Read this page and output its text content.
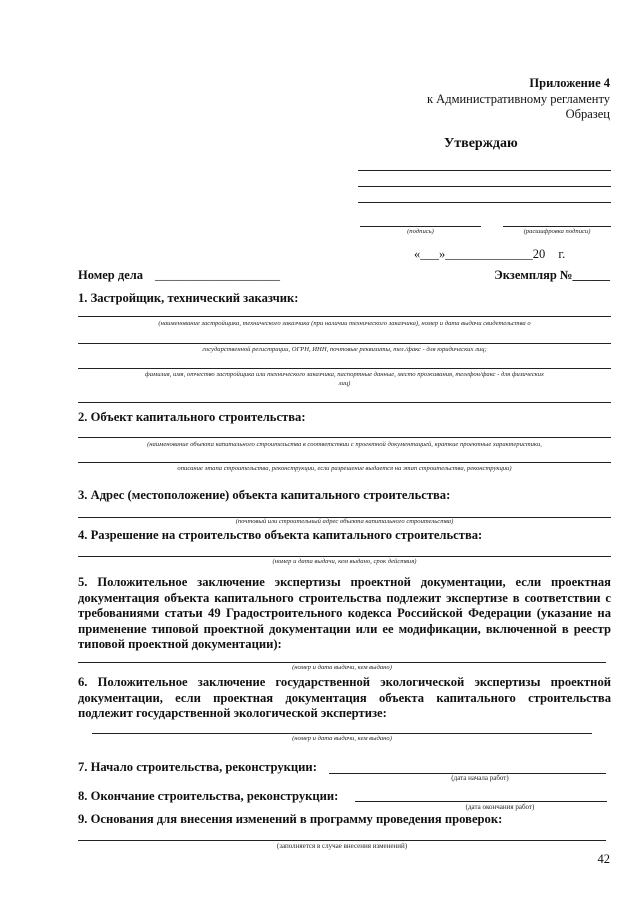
Приложение 4
к Административному регламенту
Образец
Утверждаю
(подпись)	(расшифровка подписи)
«___»______________20 г.
Номер дела ____________________	Экземпляр №______
1. Застройщик, технический заказчик:
(наименование застройщика, технического заказчика (при наличии технического заказчика), номер и дата выдачи свидетельства о
государственной регистрации, ОГРН, ИНН, почтовые реквизиты, тел./факс - для юридических лиц;
фамилия, имя, отчество застройщика или технического заказчика, паспортные данные, место проживания, телефон/факс - для физических
лиц)
2. Объект капитального строительства:
(наименование объекта капитального строительства в соответствии с проектной документацией, краткие проектные характеристики,
описание этапа строительства, реконструкции, если разрешение выдается на этап строительства, реконструкции)
3. Адрес (местоположение) объекта капитального строительства:
(почтовый или строительный адрес объекта капитального строительства)
4. Разрешение на строительство объекта капитального строительства:
(номер и дата выдачи, кем выдано, срок действия)
5. Положительное заключение экспертизы проектной документации, если проектная документация объекта капитального строительства подлежит экспертизе в соответствии с требованиями статьи 49 Градостроительного кодекса Российской Федерации (указание на применение типовой проектной документации или ее модификации, включенной в реестр типовой проектной документации):
(номер и дата выдачи, кем выдано)
6. Положительное заключение государственной экологической экспертизы проектной документации, если проектная документация объекта капитального строительства подлежит государственной экологической экспертизе:
(номер и дата выдачи, кем выдано)
7. Начало строительства, реконструкции:
(дата начала работ)
8. Окончание строительства, реконструкции:
(дата окончания работ)
9. Основания для внесения изменений в программу проведения проверок:
(заполняется в случае внесения изменений)
42
